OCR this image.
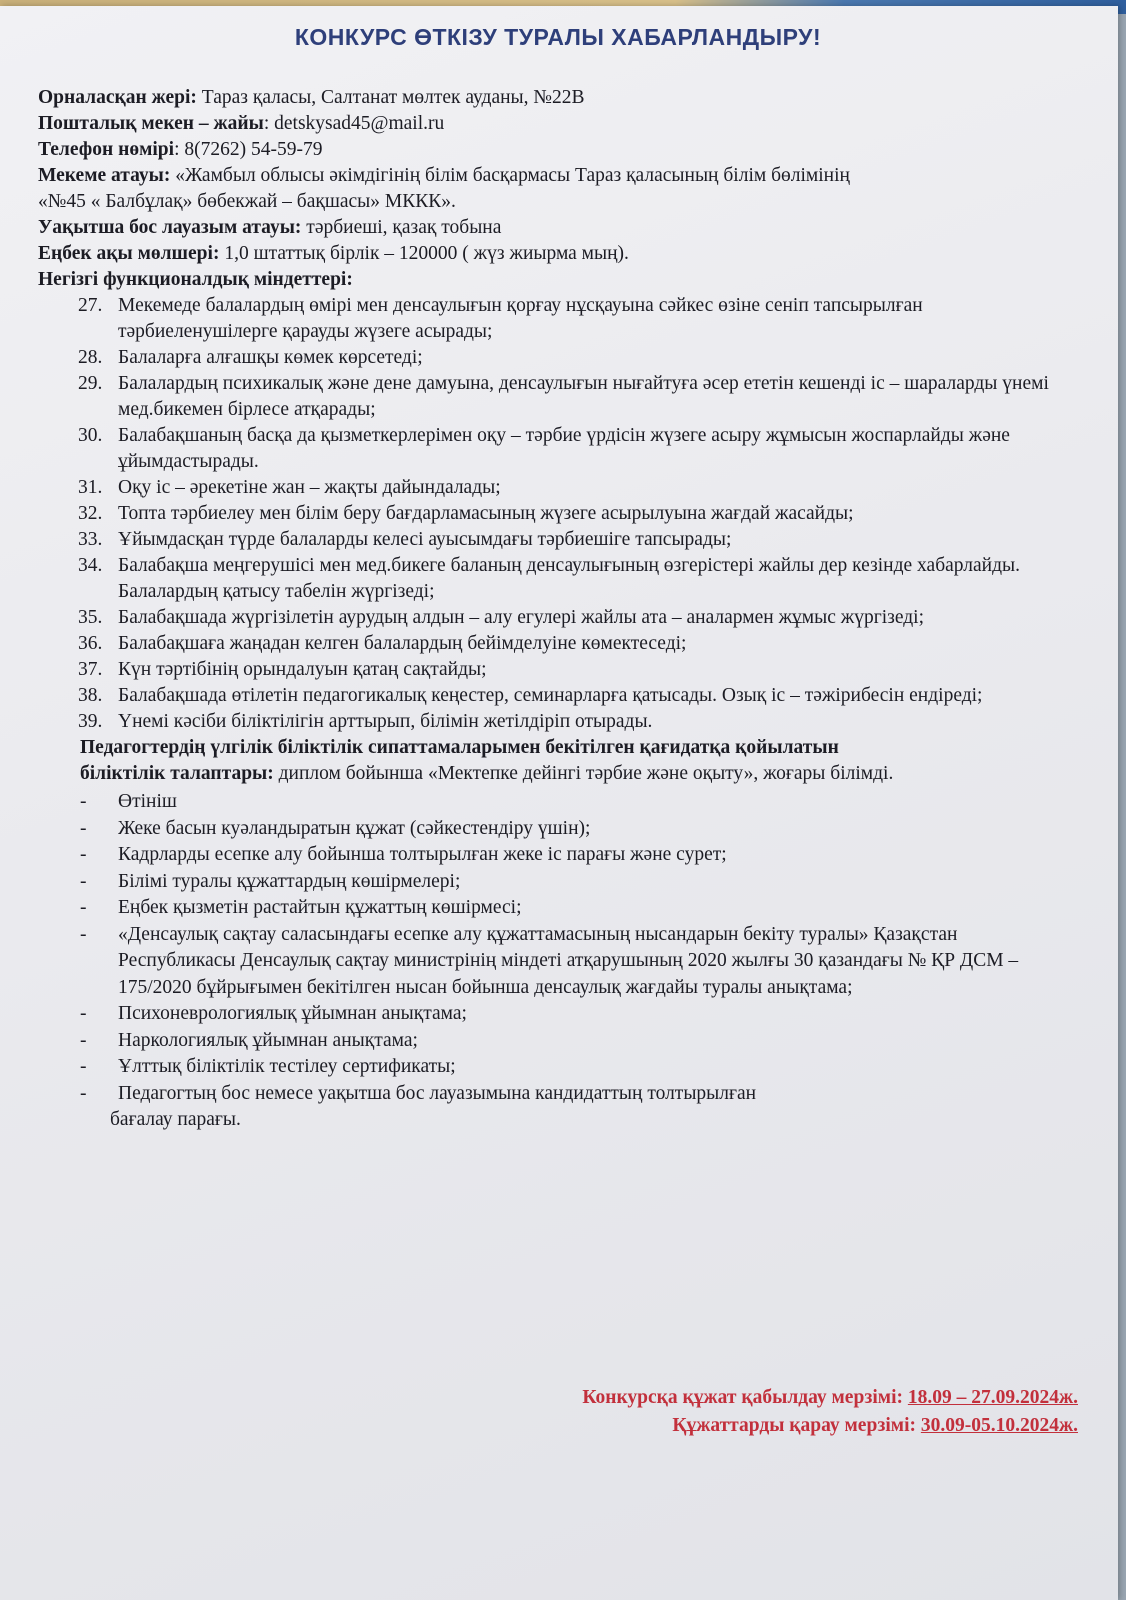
КОНКУРС ӨТКІЗУ ТУРАЛЫ ХАБАРЛАНДЫРУ!
Орналасқан жері: Тараз қаласы, Салтанат мөлтек ауданы, №22В
Пошталық мекен – жайы: detskysad45@mail.ru
Телефон нөмірі: 8(7262) 54-59-79
Мекеме атауы: «Жамбыл облысы әкімдігінің білім басқармасы Тараз қаласының білім бөлімінің
«№45 « Балбұлақ» бөбекжай – бақшасы» МККК».
Уақытша бос лауазым атауы: тәрбиеші, қазақ тобына
Еңбек ақы мөлшері: 1,0 штаттық бірлік – 120000 ( жүз жиырма мың).
Негізгі функционалдық міндеттері:
27. Мекемеде балалардың өмірі мен денсаулығын қорғау нұсқауына сәйкес өзіне сеніп тапсырылған тәрбиеленушілерге қарауды жүзеге асырады;
28. Балаларға алғашқы көмек көрсетеді;
29. Балалардың психикалық және дене дамуына, денсаулығын нығайтуға әсер ететін кешенді іс – шараларды үнемі мед.бикемен бірлесе атқарады;
30. Балабақшаның басқа да қызметкерлерімен оқу – тәрбие үрдісін жүзеге асыру жұмысын жоспарлайды және ұйымдастырады.
31. Оқу іс – әрекетіне жан – жақты дайындалады;
32. Топта тәрбиелеу мен білім беру бағдарламасының жүзеге асырылуына жағдай жасайды;
33. Ұйымдасқан түрде балаларды келесі ауысымдағы тәрбиешіге тапсырады;
34. Балабақша меңгерушісі мен мед.бикеге баланың денсаулығының өзгерістері жайлы дер кезінде хабарлайды. Балалардың қатысу табелін жүргізеді;
35. Балабақшада жүргізілетін аурудың алдын – алу егулері жайлы ата – аналармен жұмыс жүргізеді;
36. Балабақшаға жаңадан келген балалардың бейімделуіне көмектеседі;
37. Күн тәртібінің орындалуын қатаң сақтайды;
38. Балабақшада өтілетін педагогикалық кеңестер, семинарларға қатысады. Озық іс – тәжірибесін ендіреді;
39. Үнемі кәсіби біліктілігін арттырып, білімін жетілдіріп отырады.
Педагогтердің үлгілік біліктілік сипаттамаларымен бекітілген қағидатқа қойылатын
біліктілік талаптары: диплом бойынша «Мектепке дейінгі тәрбие және оқыту», жоғары білімді.
- Өтініш
- Жеке басын куәландыратын құжат (сәйкестендіру үшін);
- Кадрларды есепке алу бойынша толтырылған жеке іс парағы және сурет;
- Білімі туралы құжаттардың көшірмелері;
- Еңбек қызметін растайтын құжаттың көшірмесі;
- «Денсаулық сақтау саласындағы есепке алу құжаттамасының нысандарын бекіту туралы» Қазақстан Республикасы Денсаулық сақтау министрінің міндеті атқарушының 2020 жылғы 30 қазандағы № ҚР ДСМ – 175/2020 бұйрығымен бекітілген нысан бойынша денсаулық жағдайы туралы анықтама;
- Психоневрологиялық ұйымнан анықтама;
- Наркологиялық ұйымнан анықтама;
- Ұлттық біліктілік тестілеу сертификаты;
- Педагогтың бос немесе уақытша бос лауазымына кандидаттың толтырылған
бағалау парағы.
Конкурсқа құжат қабылдау мерзімі: 18.09 – 27.09.2024ж.
Құжаттарды қарау мерзімі: 30.09-05.10.2024ж.
